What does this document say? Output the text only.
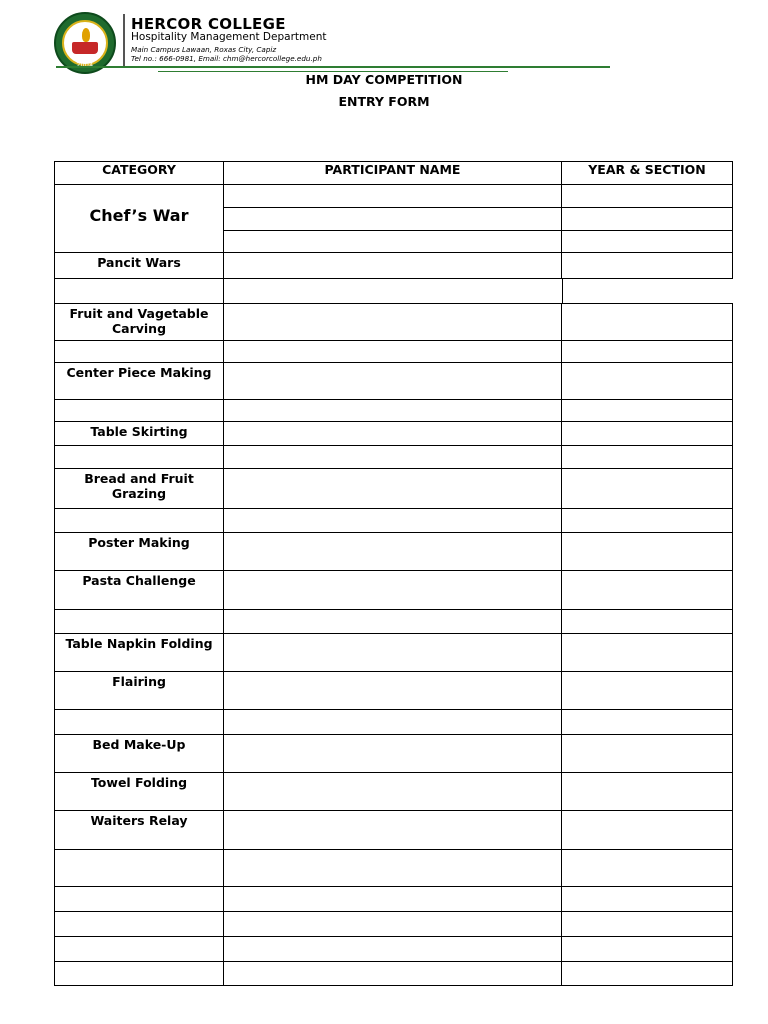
HERCOR COLLEGE
Hospitality Management Department
Main Campus Lawaan, Roxas City, Capiz
Tel no.: 666-0981, Email: chm@hercorcollege.edu.ph
HM DAY COMPETITION
ENTRY FORM
CATEGORY	PARTICIPANT NAME	YEAR & SECTION
Chef’s War
Pancit Wars
Fruit and Vagetable Carving
Center Piece Making
Table Skirting
Bread and Fruit Grazing
Poster Making
Pasta Challenge
Table Napkin Folding
Flairing
Bed Make-Up
Towel Folding
Waiters Relay
